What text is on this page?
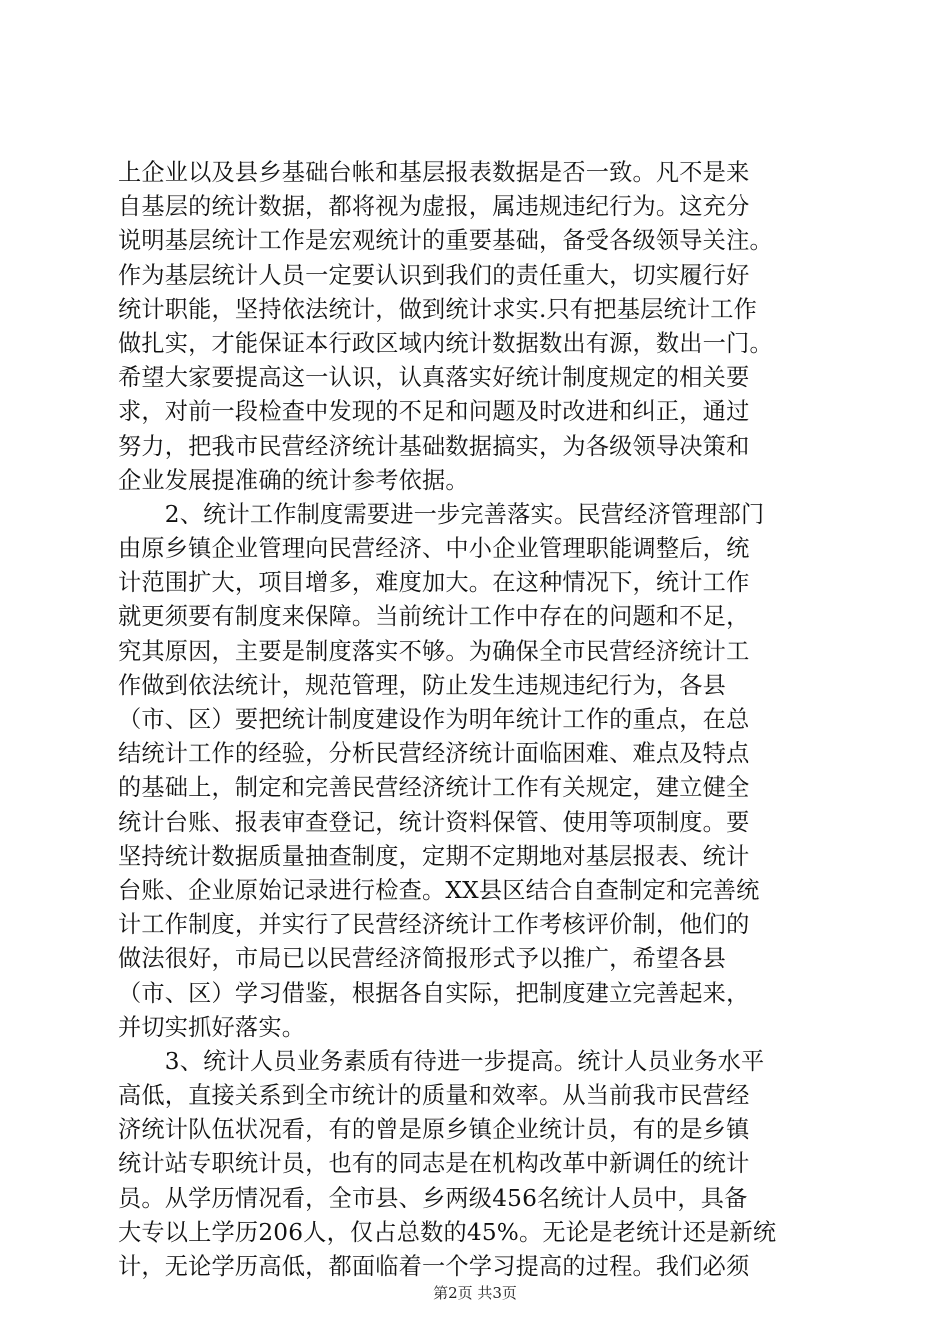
上企业以及县乡基础台帐和基层报表数据是否一致。凡不是来
自基层的统计数据，都将视为虚报，属违规违纪行为。这充分
说明基层统计工作是宏观统计的重要基础，备受各级领导关注。
作为基层统计人员一定要认识到我们的责任重大，切实履行好
统计职能，坚持依法统计，做到统计求实.只有把基层统计工作
做扎实，才能保证本行政区域内统计数据数出有源，数出一门。
希望大家要提高这一认识，认真落实好统计制度规定的相关要
求，对前一段检查中发现的不足和问题及时改进和纠正，通过
努力，把我市民营经济统计基础数据搞实，为各级领导决策和
企业发展提准确的统计参考依据。
　　2、统计工作制度需要进一步完善落实。民营经济管理部门
由原乡镇企业管理向民营经济、中小企业管理职能调整后，统
计范围扩大，项目增多，难度加大。在这种情况下，统计工作
就更须要有制度来保障。当前统计工作中存在的问题和不足，
究其原因，主要是制度落实不够。为确保全市民营经济统计工
作做到依法统计，规范管理，防止发生违规违纪行为，各县
（市、区）要把统计制度建设作为明年统计工作的重点，在总
结统计工作的经验，分析民营经济统计面临困难、难点及特点
的基础上，制定和完善民营经济统计工作有关规定，建立健全
统计台账、报表审查登记，统计资料保管、使用等项制度。要
坚持统计数据质量抽查制度，定期不定期地对基层报表、统计
台账、企业原始记录进行检查。XX县区结合自查制定和完善统
计工作制度，并实行了民营经济统计工作考核评价制，他们的
做法很好，市局已以民营经济简报形式予以推广，希望各县
（市、区）学习借鉴，根据各自实际，把制度建立完善起来，
并切实抓好落实。
　　3、统计人员业务素质有待进一步提高。统计人员业务水平
高低，直接关系到全市统计的质量和效率。从当前我市民营经
济统计队伍状况看，有的曾是原乡镇企业统计员，有的是乡镇
统计站专职统计员，也有的同志是在机构改革中新调任的统计
员。从学历情况看，全市县、乡两级456名统计人员中，具备
大专以上学历206人，仅占总数的45%。无论是老统计还是新统
计，无论学历高低，都面临着一个学习提高的过程。我们必须
第2页 共3页
